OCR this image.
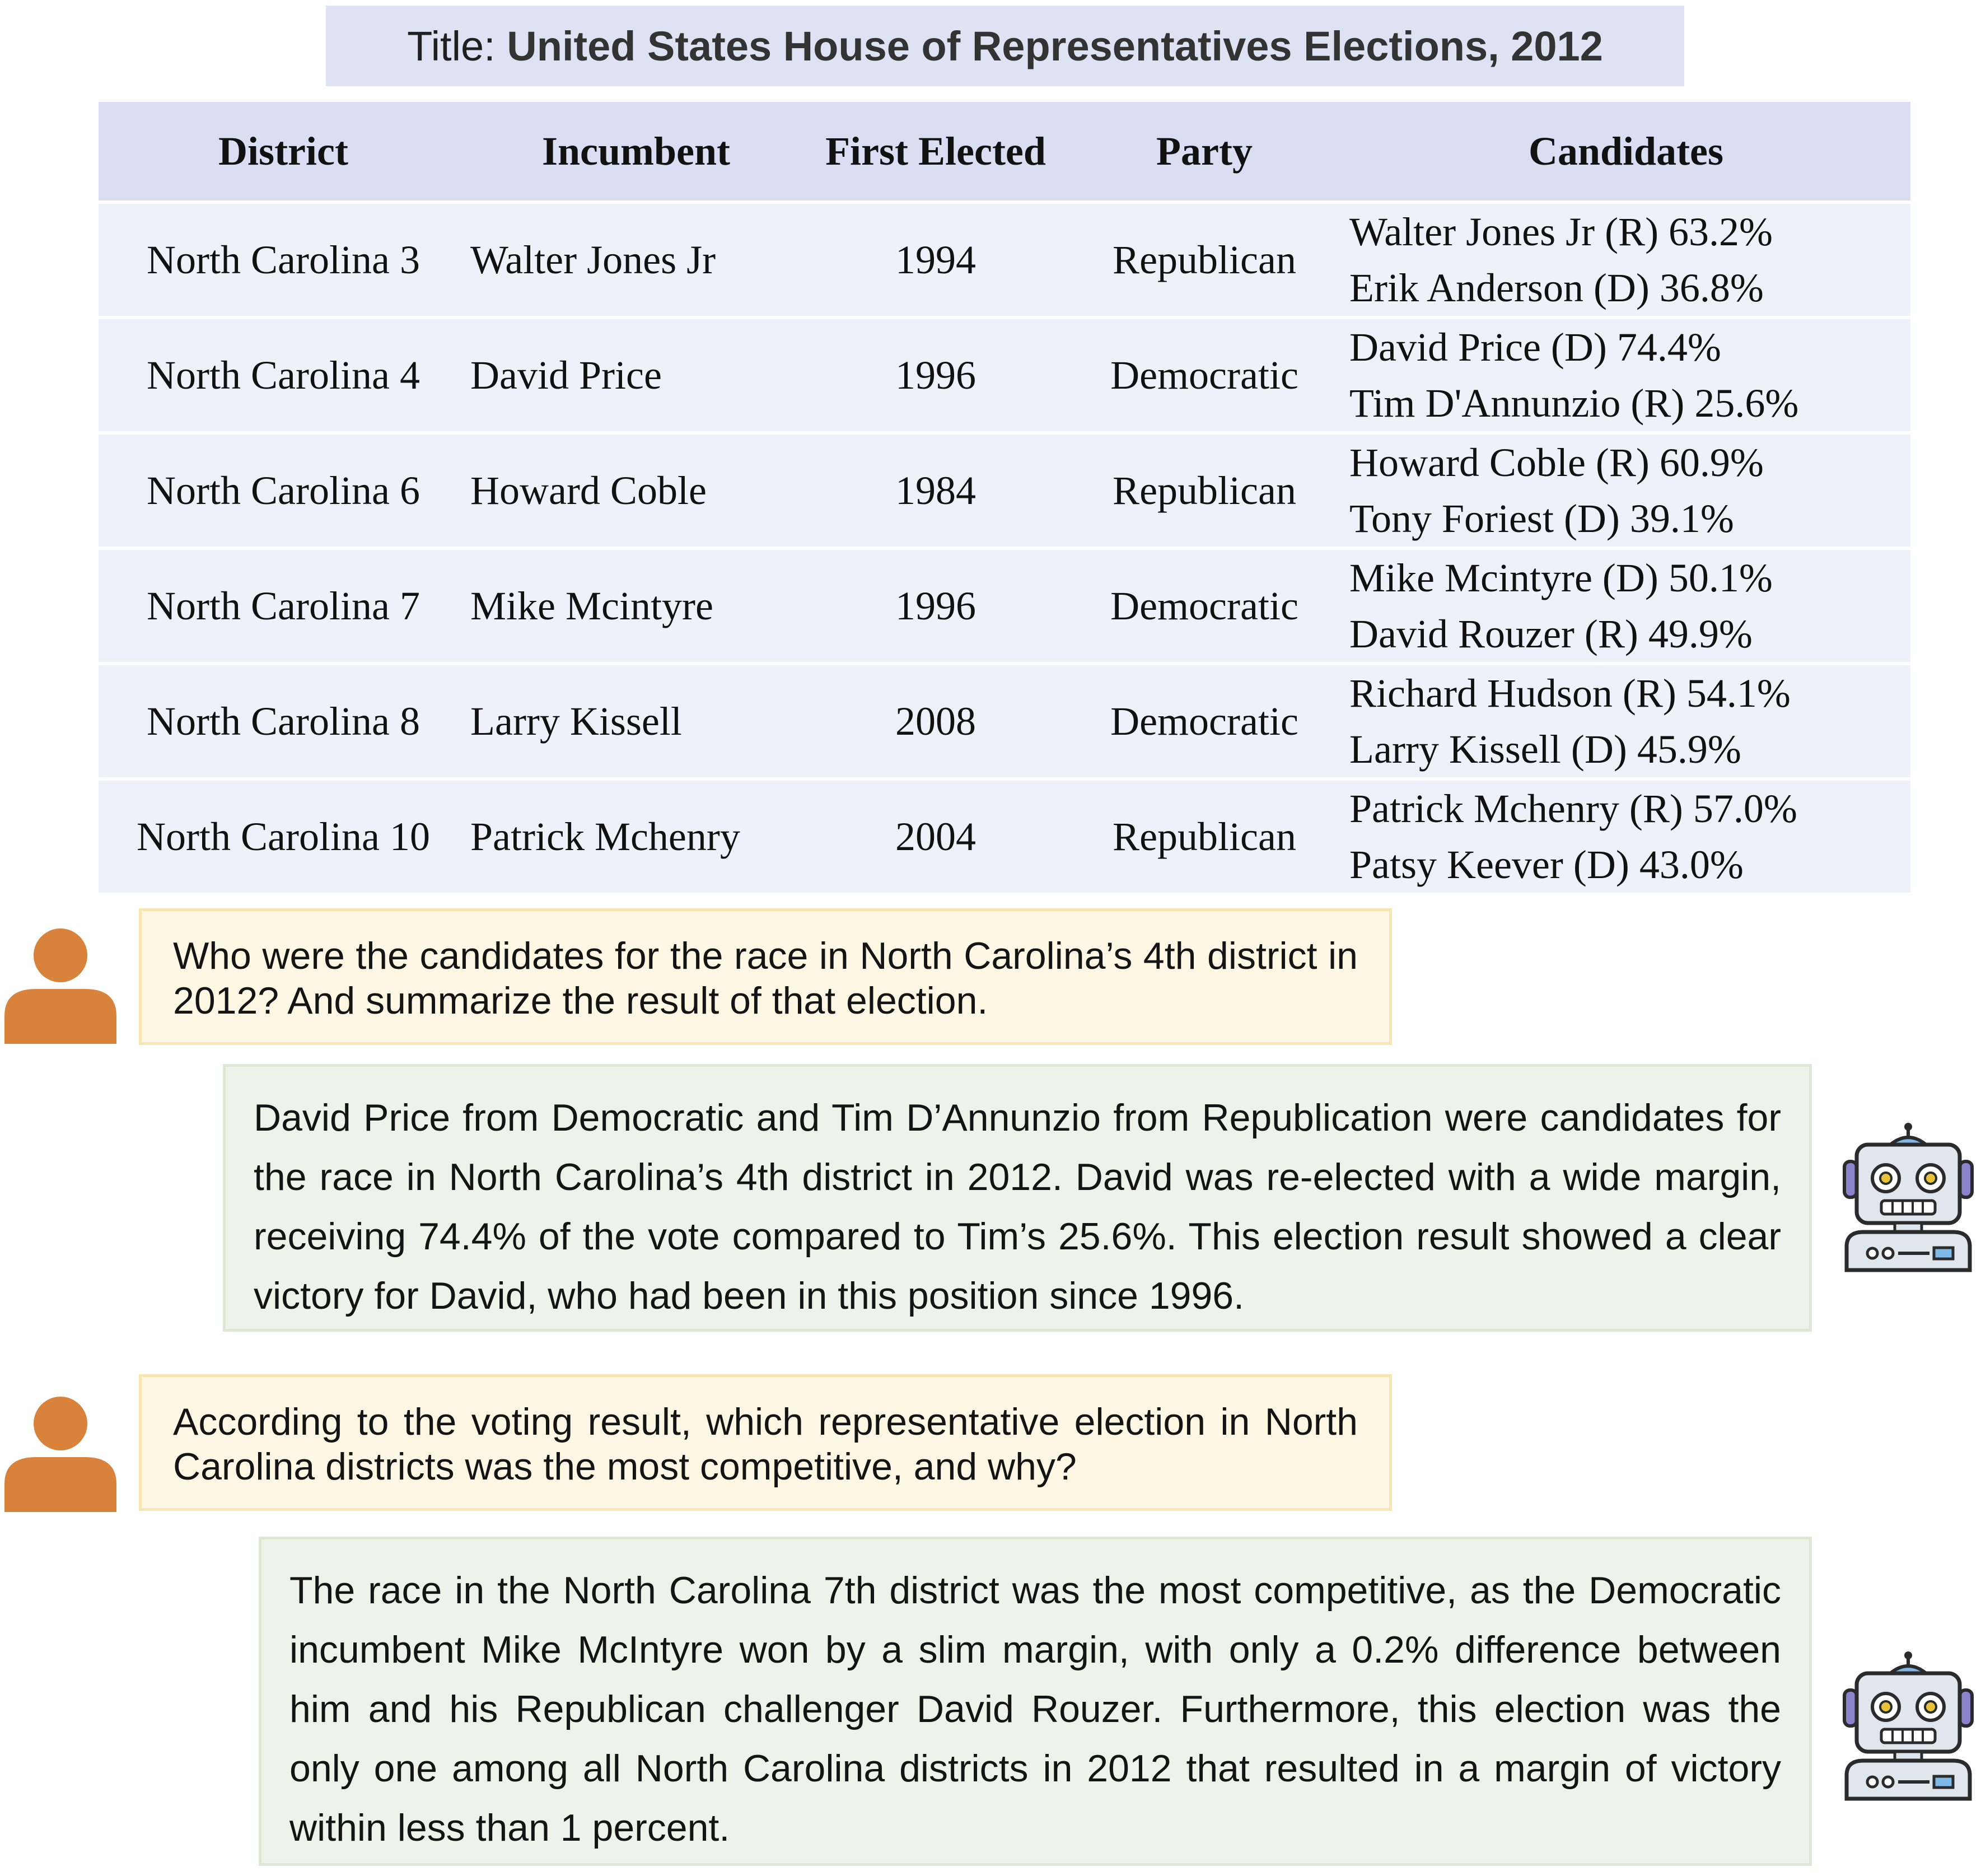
Title: United States House of Representatives Elections, 2012
District	Incumbent	First Elected	Party	Candidates
North Carolina 3	Walter Jones Jr	1994	Republican	Walter Jones Jr (R) 63.2%
Erik Anderson (D) 36.8%

North Carolina 4	David Price	1996	Democratic	David Price (D) 74.4%
Tim D'Annunzio (R) 25.6%

North Carolina 6	Howard Coble	1984	Republican	Howard Coble (R) 60.9%
Tony Foriest (D) 39.1%

North Carolina 7	Mike Mcintyre	1996	Democratic	Mike Mcintyre (D) 50.1%
David Rouzer (R) 49.9%

North Carolina 8	Larry Kissell	2008	Democratic	Richard Hudson (R) 54.1%
Larry Kissell (D) 45.9%

North Carolina 10	Patrick Mchenry	2004	Republican	Patrick Mchenry (R) 57.0%
Patsy Keever (D) 43.0%
Who were the candidates for the race in North Carolina’s 4th district in 2012? And summarize the result of that election.
David Price from Democratic and Tim D’Annunzio from Republication were candidates for the race in North Carolina’s 4th district in 2012. David was re-elected with a wide margin, receiving 74.4% of the vote compared to Tim’s 25.6%. This election result showed a clear victory for David, who had been in this position since 1996.
According to the voting result, which representative election in North Carolina districts was the most competitive, and why?
The race in the North Carolina 7th district was the most competitive, as the Democratic incumbent Mike McIntyre won by a slim margin, with only a 0.2% difference between him and his Republican challenger David Rouzer. Furthermore, this election was the only one among all North Carolina districts in 2012 that resulted in a margin of victory within less than 1 percent.
